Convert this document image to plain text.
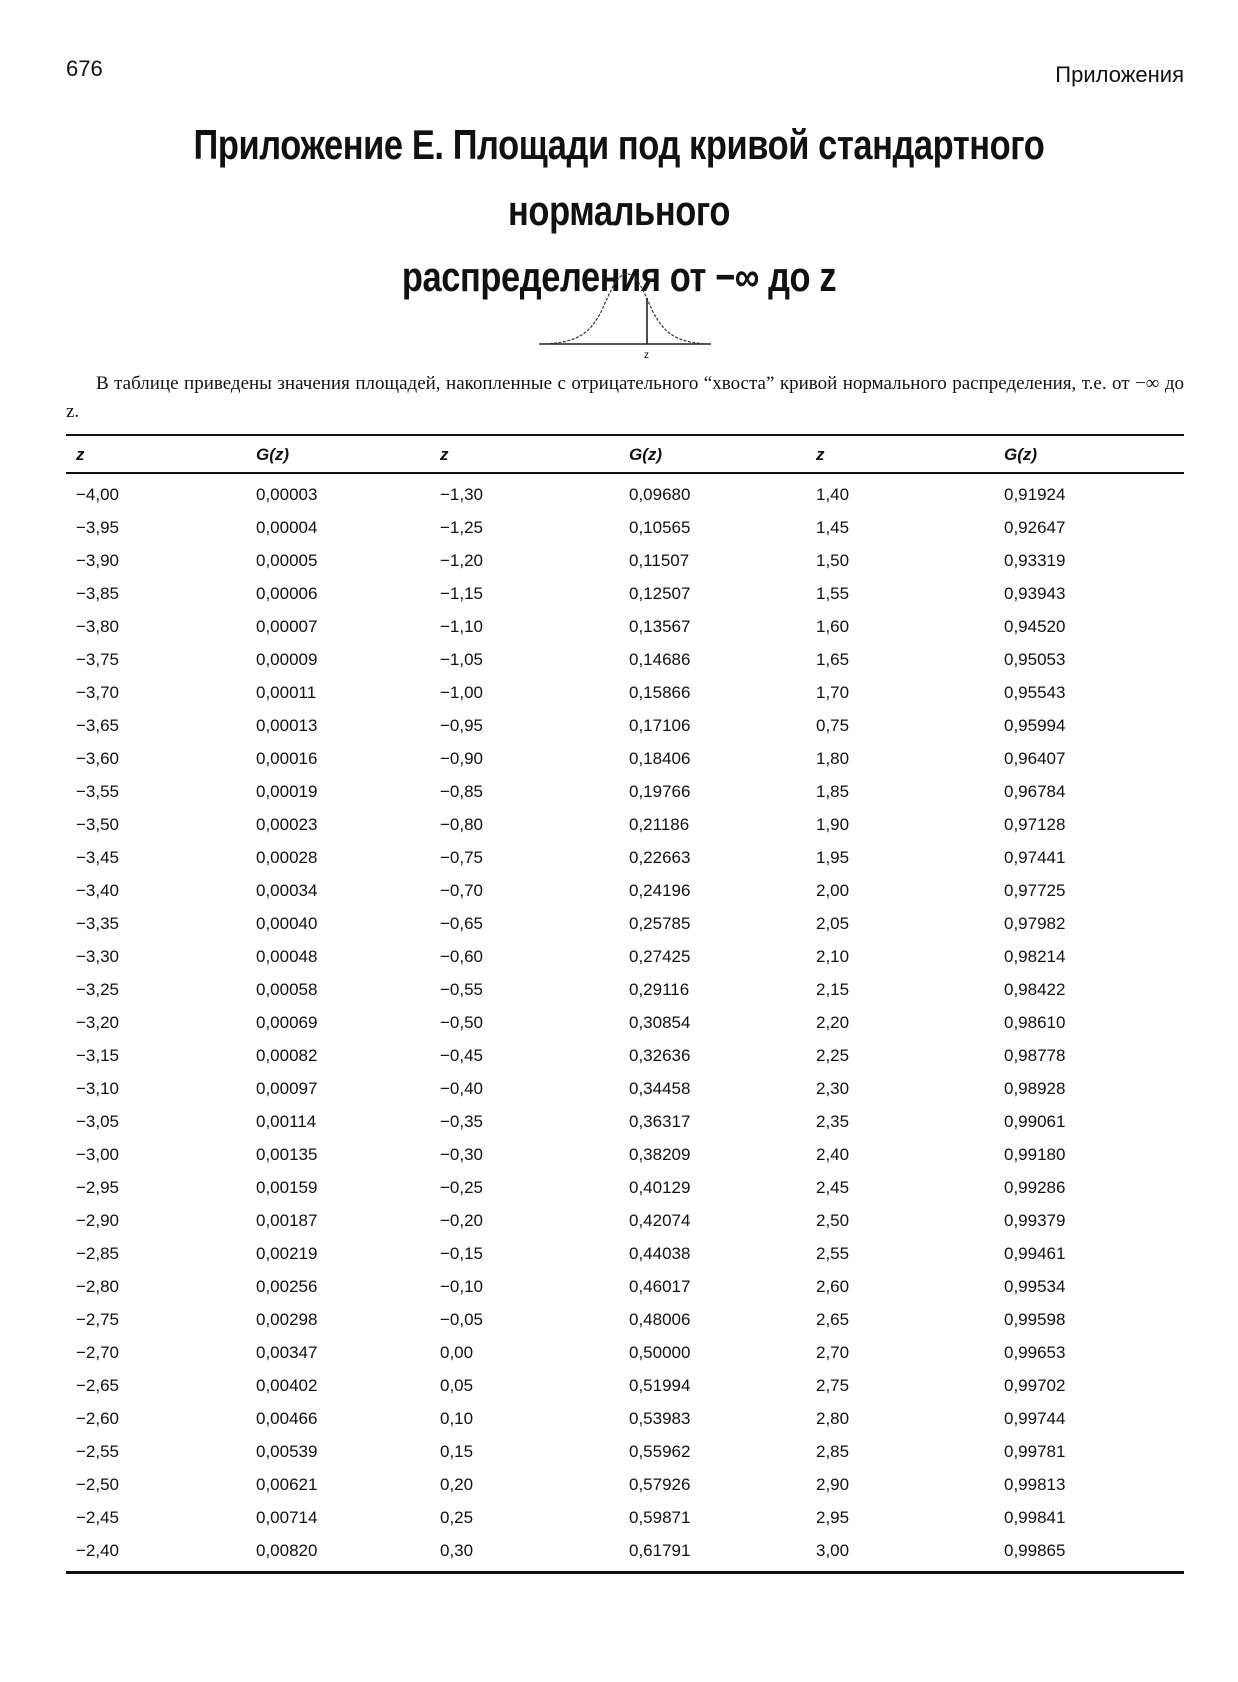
676	Приложения
Приложение Е. Площади под кривой стандартного нормального
распределения от −∞ до z
z
В таблице приведены значения площадей, накопленные с отрицательного “хвоста” кривой нормального распределения, т.е. от −∞ до z.
z	G(z)	z	G(z)	z	G(z)
−4,00	0,00003	−1,30	0,09680	1,40	0,91924
−3,95	0,00004	−1,25	0,10565	1,45	0,92647
−3,90	0,00005	−1,20	0,11507	1,50	0,93319
−3,85	0,00006	−1,15	0,12507	1,55	0,93943
−3,80	0,00007	−1,10	0,13567	1,60	0,94520
−3,75	0,00009	−1,05	0,14686	1,65	0,95053
−3,70	0,00011	−1,00	0,15866	1,70	0,95543
−3,65	0,00013	−0,95	0,17106	0,75	0,95994
−3,60	0,00016	−0,90	0,18406	1,80	0,96407
−3,55	0,00019	−0,85	0,19766	1,85	0,96784
−3,50	0,00023	−0,80	0,21186	1,90	0,97128
−3,45	0,00028	−0,75	0,22663	1,95	0,97441
−3,40	0,00034	−0,70	0,24196	2,00	0,97725
−3,35	0,00040	−0,65	0,25785	2,05	0,97982
−3,30	0,00048	−0,60	0,27425	2,10	0,98214
−3,25	0,00058	−0,55	0,29116	2,15	0,98422
−3,20	0,00069	−0,50	0,30854	2,20	0,98610
−3,15	0,00082	−0,45	0,32636	2,25	0,98778
−3,10	0,00097	−0,40	0,34458	2,30	0,98928
−3,05	0,00114	−0,35	0,36317	2,35	0,99061
−3,00	0,00135	−0,30	0,38209	2,40	0,99180
−2,95	0,00159	−0,25	0,40129	2,45	0,99286
−2,90	0,00187	−0,20	0,42074	2,50	0,99379
−2,85	0,00219	−0,15	0,44038	2,55	0,99461
−2,80	0,00256	−0,10	0,46017	2,60	0,99534
−2,75	0,00298	−0,05	0,48006	2,65	0,99598
−2,70	0,00347	0,00	0,50000	2,70	0,99653
−2,65	0,00402	0,05	0,51994	2,75	0,99702
−2,60	0,00466	0,10	0,53983	2,80	0,99744
−2,55	0,00539	0,15	0,55962	2,85	0,99781
−2,50	0,00621	0,20	0,57926	2,90	0,99813
−2,45	0,00714	0,25	0,59871	2,95	0,99841
−2,40	0,00820	0,30	0,61791	3,00	0,99865
